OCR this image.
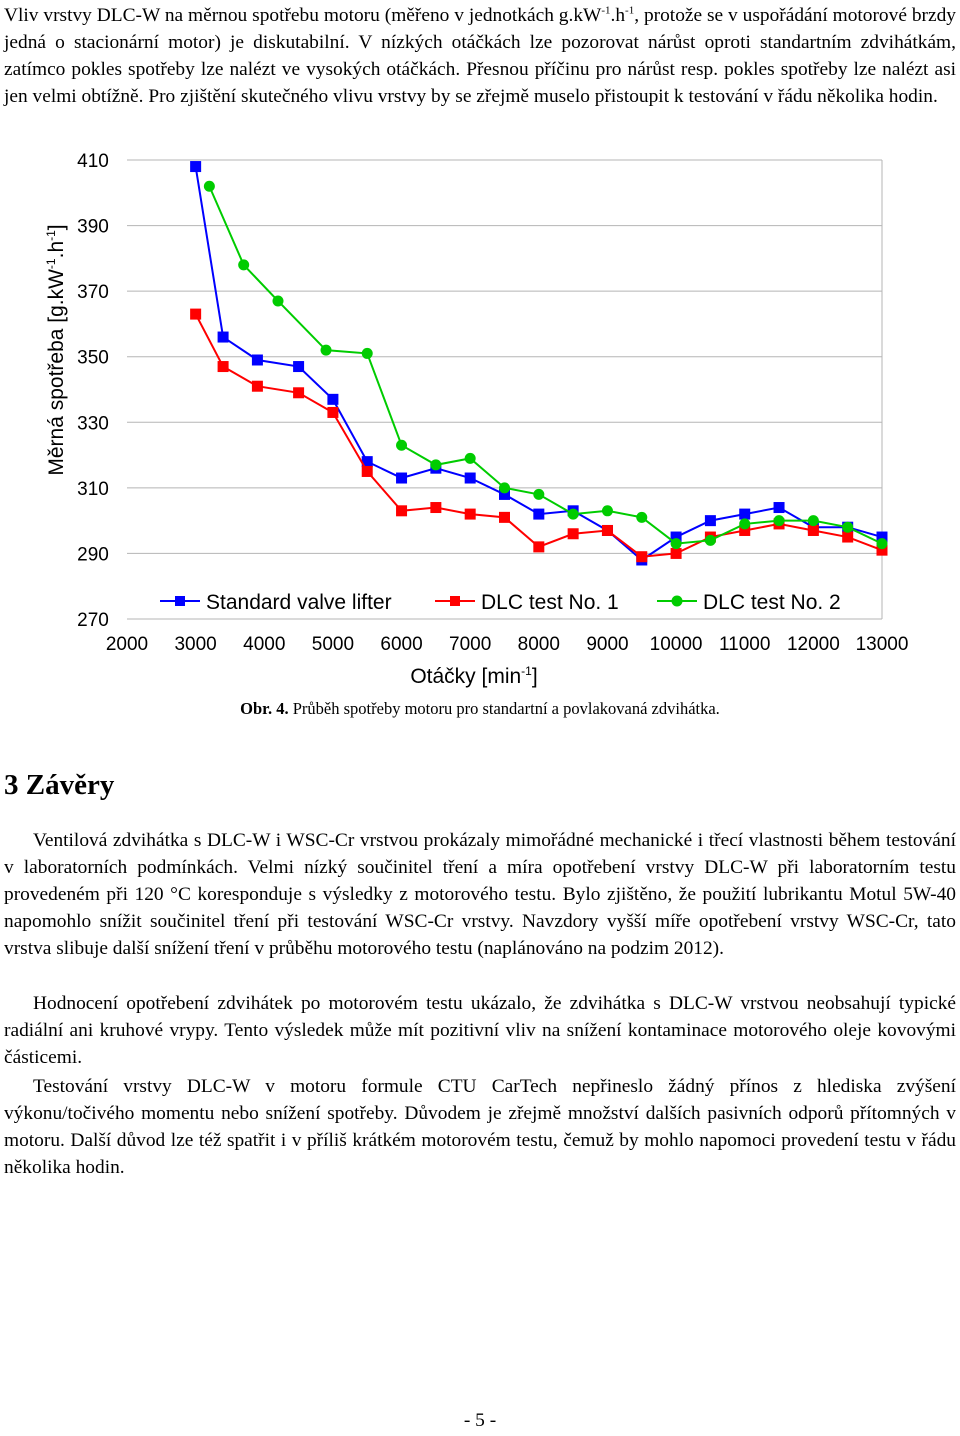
Vliv vrstvy DLC-W na měrnou spotřebu motoru (měřeno v jednotkách $g.kW^{-1}.h^{-1}$, protože se v uspořádání motorové brzdy jedná o stacionární motor) je diskutabilní. V nízkých otáčkách lze pozorovat nárůst oproti standartním zdvihátkám, zatímco pokles spotřeby lze nalézt ve vysokých otáčkách. Přesnou příčinu pro nárůst resp. pokles spotřeby lze nalézt asi jen velmi obtížně. Pro zjištění skutečného vlivu vrstvy by se zřejmě muselo přistoupit k testování v řádu několika hodin.

410
390
370
350
330
310
290
270
2000 3000 4000 5000 6000 7000 8000 9000 10000 11000 12000 13000
Měrná spotřeba $[g.kW^{-1}.h^{-1}]$
Otáčky $[\min^{-1}]$
Standard valve lifter	DLC test No. 1	DLC test No. 2
Obr. 4. Průběh spotřeby motoru pro standartní a povlakovaná zdvihátka.
3 Závěry

Ventilová zdvihátka s DLC-W i WSC-Cr vrstvou prokázaly mimořádné mechanické i třecí vlastnosti během testování v laboratorních podmínkách. Velmi nízký součinitel tření a míra opotřebení vrstvy DLC-W při laboratorním testu provedeném při 120 °C koresponduje s výsledky z motorového testu. Bylo zjištěno, že použití lubrikantu Motul 5W-40 napomohlo snížit součinitel tření při testování WSC-Cr vrstvy. Navzdory vyšší míře opotřebení vrstvy WSC-Cr, tato vrstva slibuje další snížení tření v průběhu motorového testu (naplánováno na podzim 2012).

Hodnocení opotřebení zdvihátek po motorovém testu ukázalo, že zdvihátka s DLC-W vrstvou neobsahují typické radiální ani kruhové vrypy. Tento výsledek může mít pozitivní vliv na snížení kontaminace motorového oleje kovovými částicemi.

Testování vrstvy DLC-W v motoru formule CTU CarTech nepřineslo žádný přínos z hlediska zvýšení výkonu/točivého momentu nebo snížení spotřeby. Důvodem je zřejmě množství dalších pasivních odporů přítomných v motoru. Další důvod lze též spatřit i v příliš krátkém motorovém testu, čemuž by mohlo napomoci provedení testu v řádu několika hodin.

- 5 -
